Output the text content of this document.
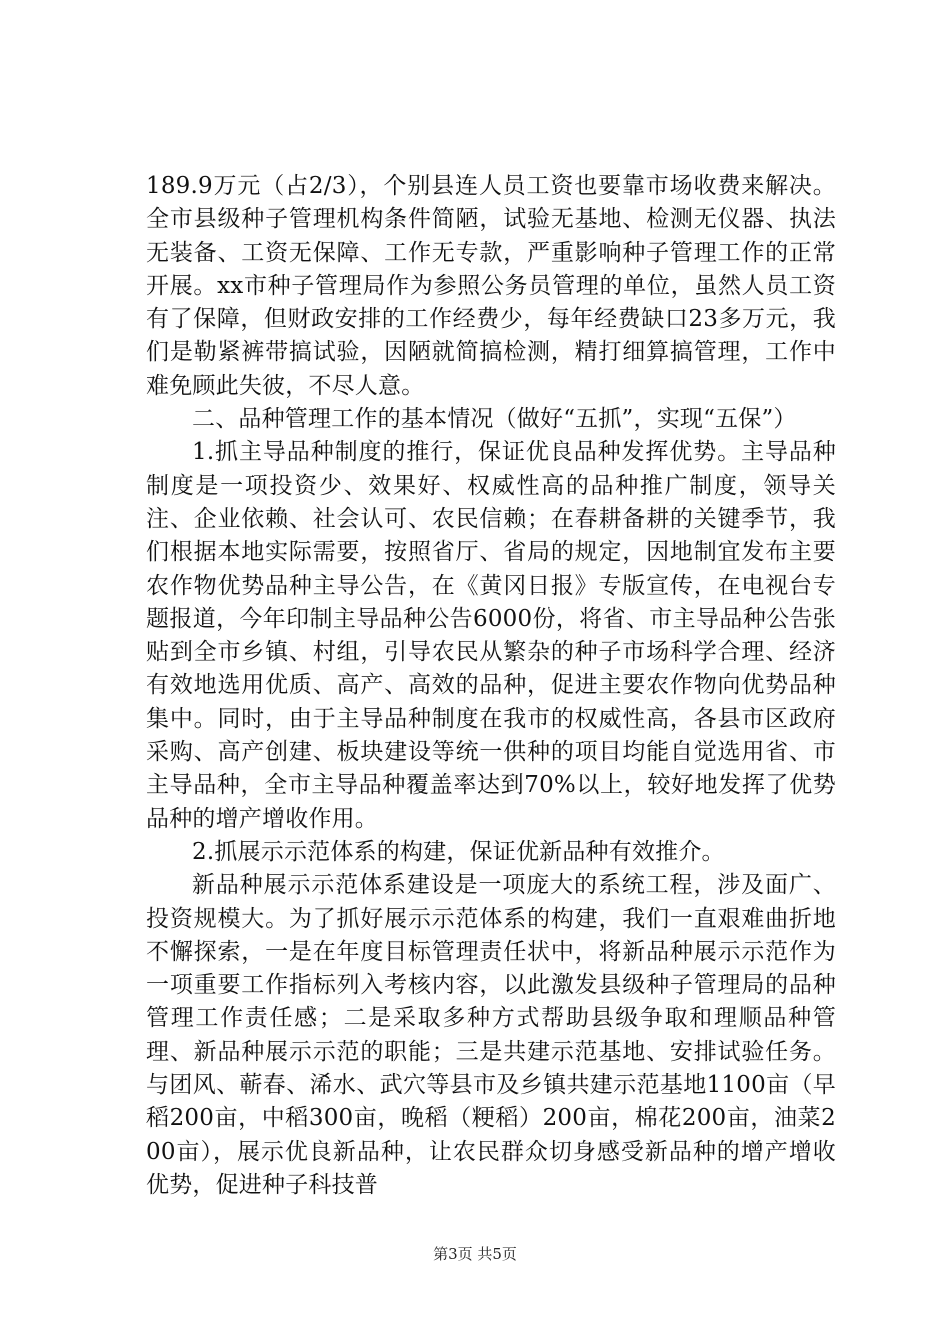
189.9万元（占2/3），个别县连人员工资也要靠市场收费来解决。全市县级种子管理机构条件简陋，试验无基地、检测无仪器、执法无装备、工资无保障、工作无专款，严重影响种子管理工作的正常开展。xx市种子管理局作为参照公务员管理的单位，虽然人员工资有了保障，但财政安排的工作经费少，每年经费缺口23多万元，我们是勒紧裤带搞试验，因陋就简搞检测，精打细算搞管理，工作中难免顾此失彼，不尽人意。

二、品种管理工作的基本情况（做好“五抓”，实现“五保”）

1.抓主导品种制度的推行，保证优良品种发挥优势。主导品种制度是一项投资少、效果好、权威性高的品种推广制度，领导关注、企业依赖、社会认可、农民信赖；在春耕备耕的关键季节，我们根据本地实际需要，按照省厅、省局的规定，因地制宜发布主要农作物优势品种主导公告，在《黄冈日报》专版宣传，在电视台专题报道，今年印制主导品种公告6000份，将省、市主导品种公告张贴到全市乡镇、村组，引导农民从繁杂的种子市场科学合理、经济有效地选用优质、高产、高效的品种，促进主要农作物向优势品种集中。同时，由于主导品种制度在我市的权威性高，各县市区政府采购、高产创建、板块建设等统一供种的项目均能自觉选用省、市主导品种，全市主导品种覆盖率达到70%以上，较好地发挥了优势品种的增产增收作用。

2.抓展示示范体系的构建，保证优新品种有效推介。

新品种展示示范体系建设是一项庞大的系统工程，涉及面广、投资规模大。为了抓好展示示范体系的构建，我们一直艰难曲折地不懈探索，一是在年度目标管理责任状中，将新品种展示示范作为一项重要工作指标列入考核内容，以此激发县级种子管理局的品种管理工作责任感；二是采取多种方式帮助县级争取和理顺品种管理、新品种展示示范的职能；三是共建示范基地、安排试验任务。与团风、蕲春、浠水、武穴等县市及乡镇共建示范基地1100亩（早稻200亩，中稻300亩，晚稻（粳稻）200亩，棉花200亩，油菜200亩），展示优良新品种，让农民群众切身感受新品种的增产增收优势，促进种子科技普

第3页 共5页
